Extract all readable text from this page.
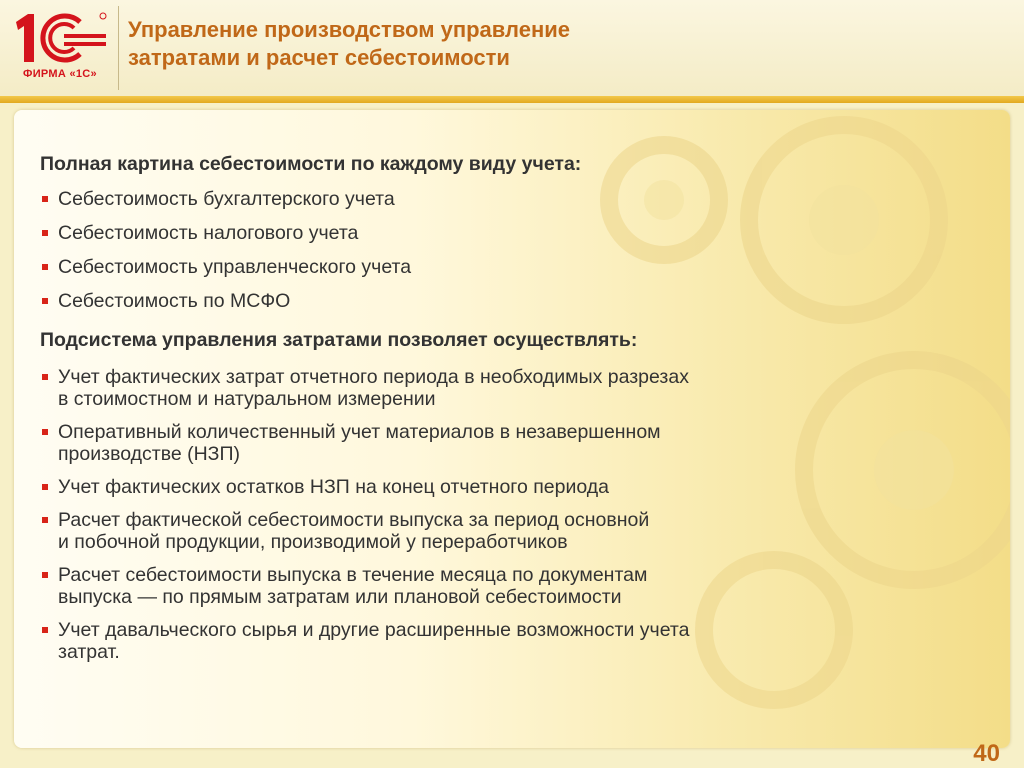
ФИРМА «1С»
Управление производством управление
затратами и расчет себестоимости
Полная картина себестоимости по каждому виду учета:
Себестоимость бухгалтерского учета
Себестоимость налогового учета
Себестоимость управленческого учета
Себестоимость по МСФО
Подсистема управления затратами позволяет осуществлять:
Учет фактических затрат отчетного периода в необходимых разрезах
в стоимостном и натуральном измерении
Оперативный количественный учет материалов в незавершенном
производстве (НЗП)
Учет фактических остатков НЗП на конец отчетного периода
Расчет фактической себестоимости выпуска за период основной
и побочной продукции, производимой у переработчиков
Расчет себестоимости выпуска в течение месяца по документам
выпуска — по прямым затратам или плановой себестоимости
Учет давальческого сырья и другие расширенные возможности учета
затрат.
40
